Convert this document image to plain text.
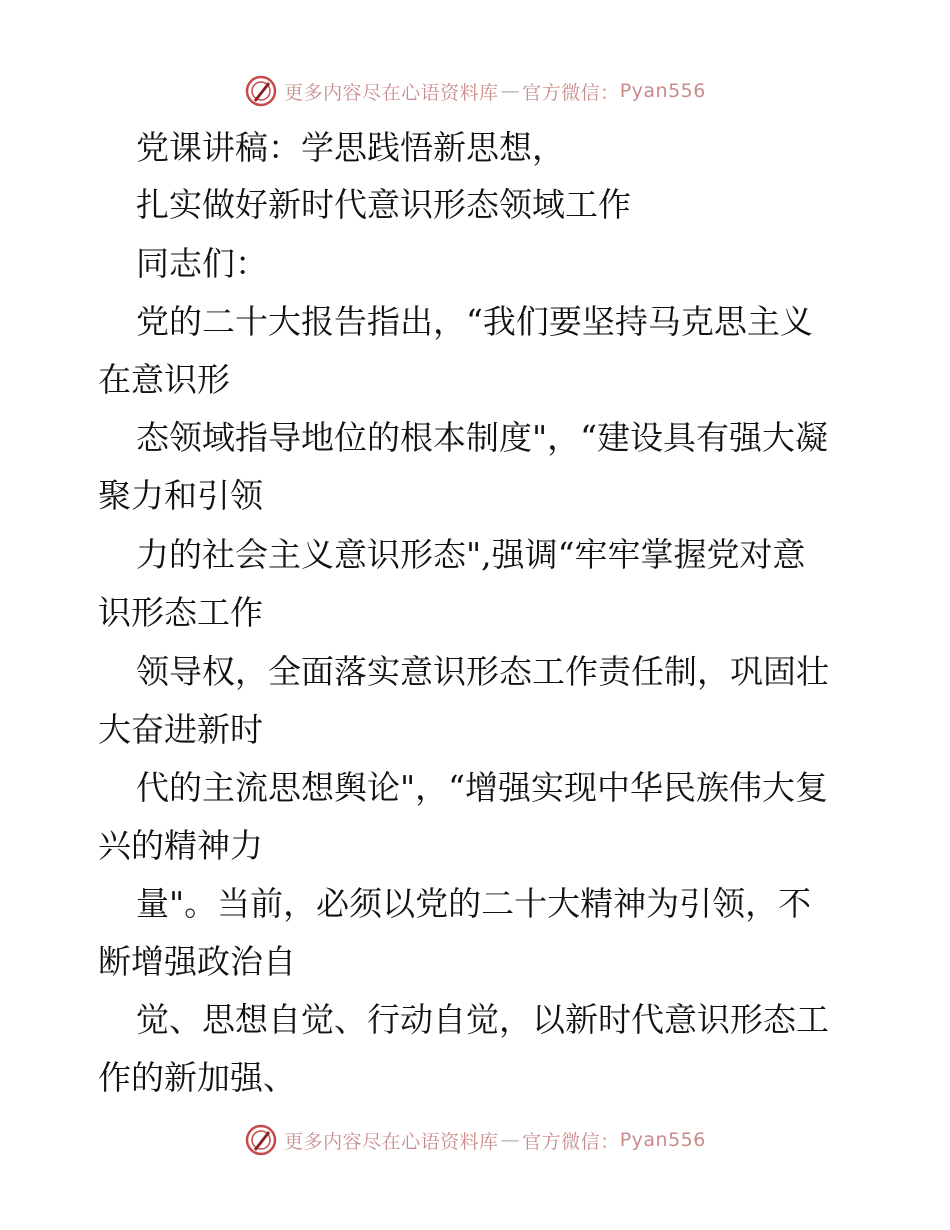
更多内容尽在心语资料库 — 官方微信： Pyan556
党课讲稿：学思践悟新思想，
扎实做好新时代意识形态领域工作
同志们：
党的二十大报告指出，“我们要坚持马克思主义
在意识形
态领域指导地位的根本制度"，“建设具有强大凝
聚力和引领
力的社会主义意识形态",强调“牢牢掌握党对意
识形态工作
领导权，全面落实意识形态工作责任制，巩固壮
大奋进新时
代的主流思想舆论"，“增强实现中华民族伟大复
兴的精神力
量"。当前，必须以党的二十大精神为引领，不
断增强政治自
觉、思想自觉、行动自觉，以新时代意识形态工
作的新加强、
更多内容尽在心语资料库 — 官方微信： Pyan556
